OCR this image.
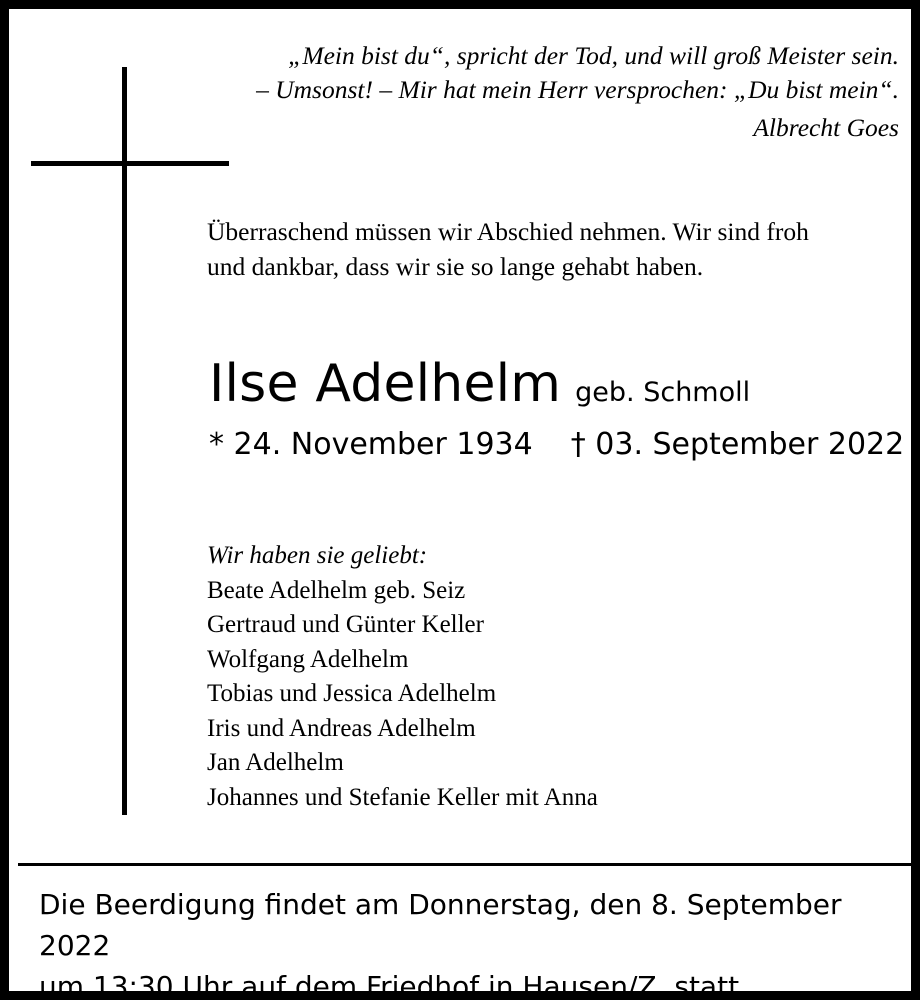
„Mein bist du“, spricht der Tod, und will groß Meister sein.
– Umsonst! – Mir hat mein Herr versprochen: „Du bist mein“.
Albrecht Goes
Überraschend müssen wir Abschied nehmen. Wir sind froh
und dankbar, dass wir sie so lange gehabt haben.
Ilse Adelhelm geb. Schmoll
* 24. November 1934 † 03. September 2022
Wir haben sie geliebt:
Beate Adelhelm geb. Seiz
Gertraud und Günter Keller
Wolfgang Adelhelm
Tobias und Jessica Adelhelm
Iris und Andreas Adelhelm
Jan Adelhelm
Johannes und Stefanie Keller mit Anna
Die Beerdigung findet am Donnerstag, den 8. September 2022
um 13:30 Uhr auf dem Friedhof in Hausen/Z. statt.
